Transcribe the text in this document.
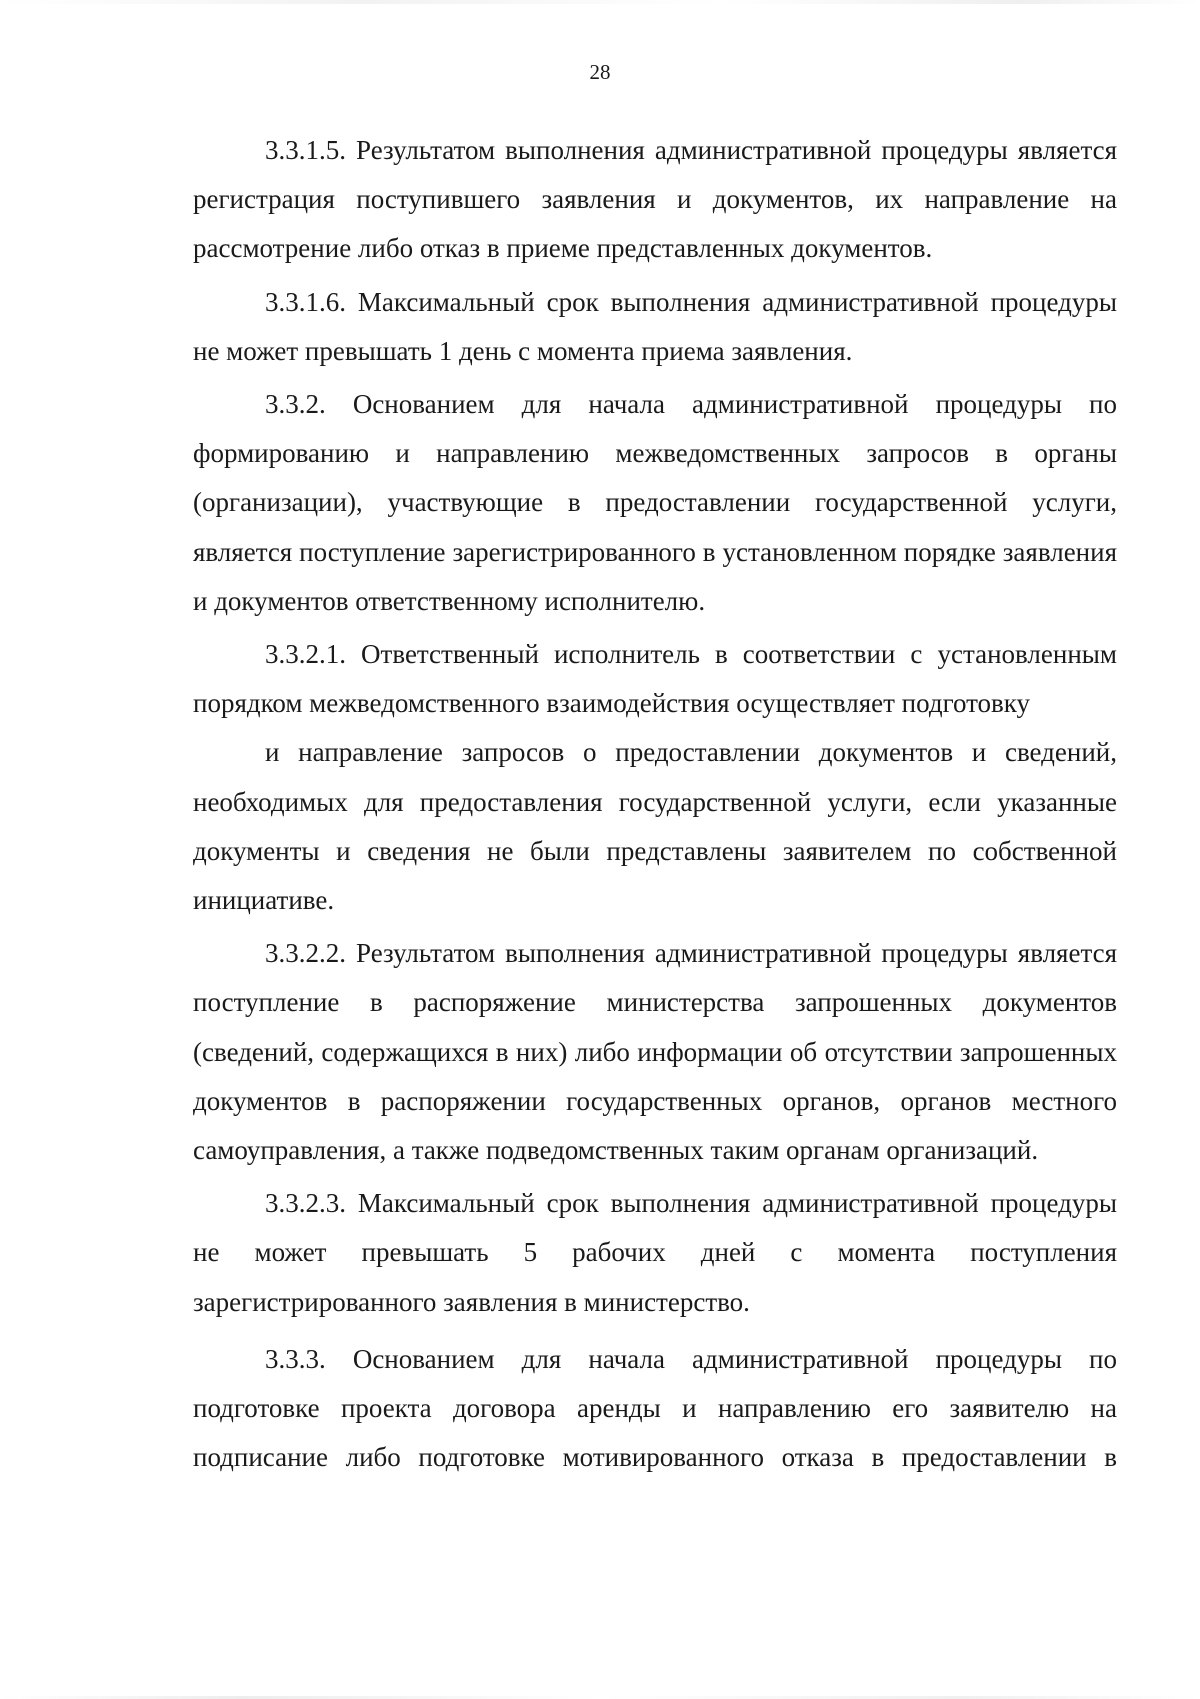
28

3.3.1.5. Результатом выполнения административной процедуры является регистрация поступившего заявления и документов, их направление на рассмотрение либо отказ в приеме представленных документов.

3.3.1.6. Максимальный срок выполнения административной процедуры не может превышать 1 день с момента приема заявления.

3.3.2. Основанием для начала административной процедуры по формированию и направлению межведомственных запросов в органы (организации), участвующие в предоставлении государственной услуги, является поступление зарегистрированного в установленном порядке заявления и документов ответственному исполнителю.

3.3.2.1. Ответственный исполнитель в соответствии с установленным порядком межведомственного взаимодействия осуществляет подготовку

и направление запросов о предоставлении документов и сведений, необходимых для предоставления государственной услуги, если указанные документы и сведения не были представлены заявителем по собственной инициативе.

3.3.2.2. Результатом выполнения административной процедуры является поступление в распоряжение министерства запрошенных документов (сведений, содержащихся в них) либо информации об отсутствии запрошенных документов в распоряжении государственных органов, органов местного самоуправления, а также подведомственных таким органам организаций.

3.3.2.3. Максимальный срок выполнения административной процедуры не может превышать 5 рабочих дней с момента поступления зарегистрированного заявления в министерство.

3.3.3. Основанием для начала административной процедуры по подготовке проекта договора аренды и направлению его заявителю на подписание либо подготовке мотивированного отказа в предоставлении в
